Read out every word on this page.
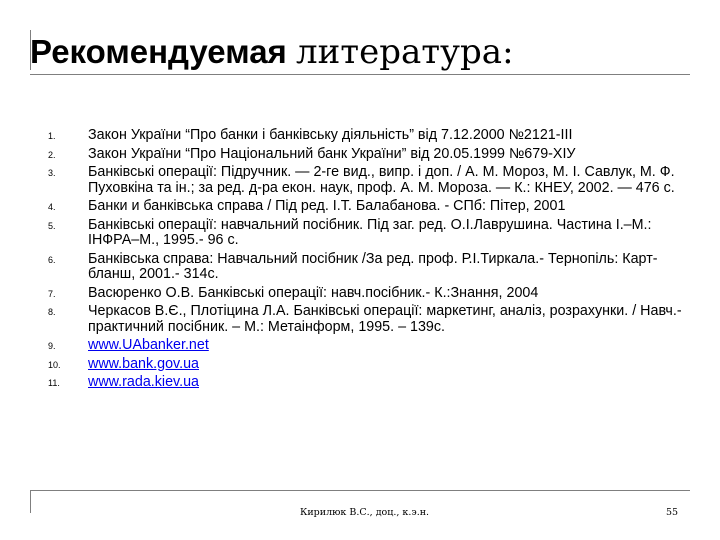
Рекомендуемая литература:
1. Закон України “Про банки і банківську діяльність” від 7.12.2000 №2121-III
2. Закон України “Про Національний банк України” від 20.05.1999 №679-XIУ
3. Банківські операції: Підручник. — 2-ге вид., випр. і доп. / А. М. Мороз, М. І. Савлук, М. Ф. Пуховкіна та ін.; за ред. д-ра екон. наук, проф. А. М. Мороза. — К.: КНЕУ, 2002. — 476 с.
4. Банки и банківська справа / Під ред. І.Т. Балабанова. - СПб: Пітер, 2001
5. Банківські операції: навчальний посібник. Під заг. ред. О.І.Лаврушина. Частина І.–М.: ІНФРА–М., 1995.- 96 с.
6. Банківська справа: Навчальний посібник /За ред. проф. Р.І.Тиркала.- Тернопіль: Карт-бланш, 2001.- 314с.
7. Васюренко О.В. Банківські операції: навч.посібник.- К.:Знання, 2004
8. Черкасов В.Є., Плотіцина Л.А. Банківські операції: маркетинг, аналіз, розрахунки. / Навч.-практичний посібник. – М.: Метаінформ, 1995. – 139с.
9. www.UAbanker.net
10. www.bank.gov.ua
11. www.rada.kiev.ua
Кирилюк В.С., доц., к.э.н.	55
